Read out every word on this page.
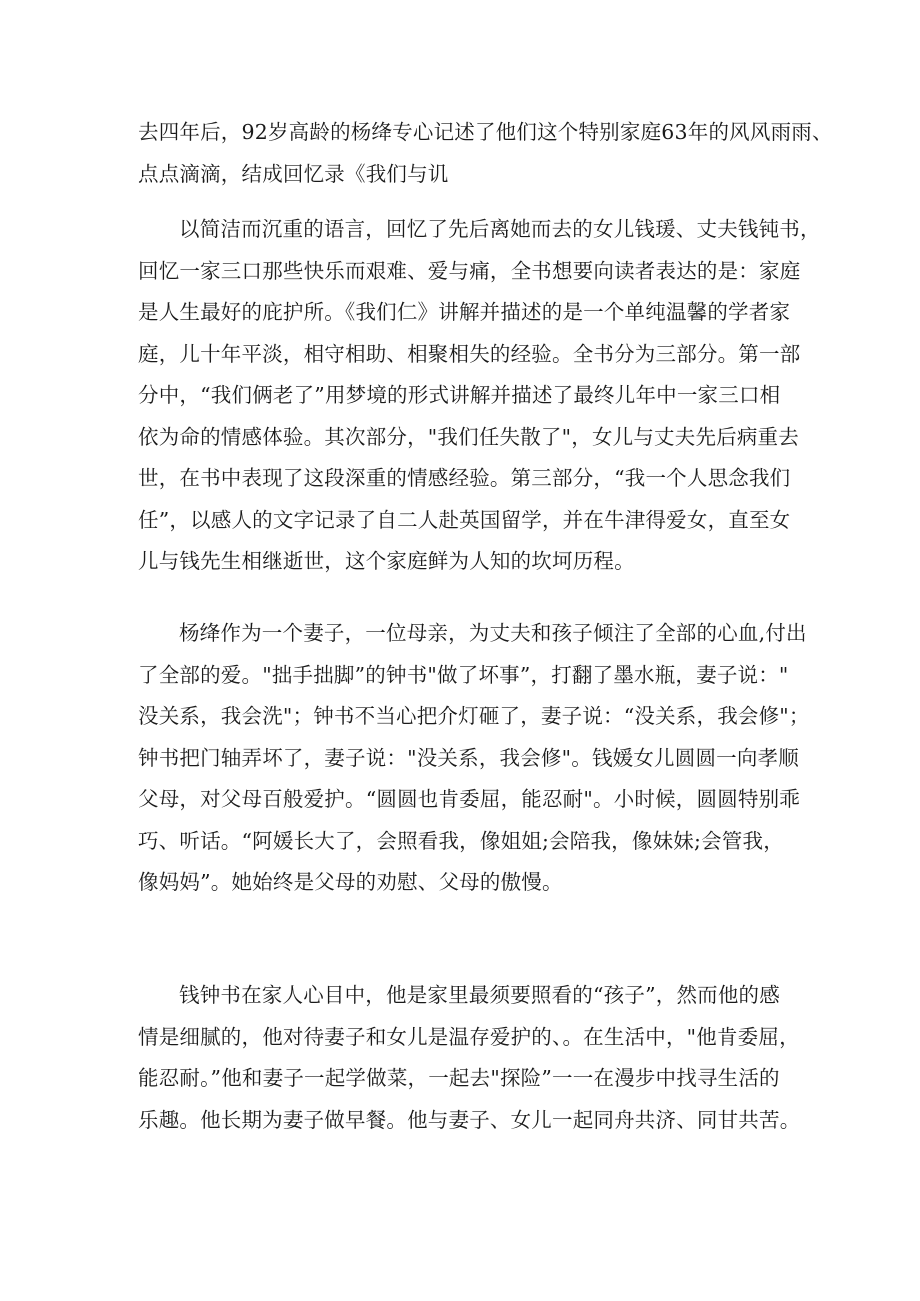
去四年后，92岁高龄的杨绛专心记述了他们这个特别家庭63年的风风雨雨、
点点滴滴，结成回忆录《我们与讥
以简洁而沉重的语言，回忆了先后离她而去的女儿钱瑗、丈夫钱钝书，
回忆一家三口那些快乐而艰难、爱与痛，全书想要向读者表达的是：家庭
是人生最好的庇护所。《我们仁》讲解并描述的是一个单纯温馨的学者家
庭，儿十年平淡，相守相助、相聚相失的经验。全书分为三部分。第一部
分中，“我们俩老了”用梦境的形式讲解并描述了最终儿年中一家三口相
依为命的情感体验。其次部分，"我们任失散了"，女儿与丈夫先后病重去
世，在书中表现了这段深重的情感经验。第三部分，“我一个人思念我们
任”，以感人的文字记录了自二人赴英国留学，并在牛津得爱女，直至女
儿与钱先生相继逝世，这个家庭鲜为人知的坎坷历程。
杨绛作为一个妻子，一位母亲，为丈夫和孩子倾注了全部的心血,付出
了全部的爱。"拙手拙脚”的钟书"做了坏事”，打翻了墨水瓶，妻子说："
没关系，我会洗"；钟书不当心把介灯砸了，妻子说：“没关系，我会修"；
钟书把门轴弄坏了，妻子说："没关系，我会修"。钱媛女儿圆圆一向孝顺
父母，对父母百般爱护。“圆圆也肯委屈，能忍耐"。小时候，圆圆特别乖
巧、听话。“阿媛长大了，会照看我，像姐姐;会陪我，像妹妹;会管我，
像妈妈”。她始终是父母的劝慰、父母的傲慢。
钱钟书在家人心目中，他是家里最须要照看的“孩子”，然而他的感
情是细腻的，他对待妻子和女儿是温存爱护的、。在生活中，"他肯委屈，
能忍耐。”他和妻子一起学做菜，一起去"探险”一一在漫步中找寻生活的
乐趣。他长期为妻子做早餐。他与妻子、女儿一起同舟共济、同甘共苦。
